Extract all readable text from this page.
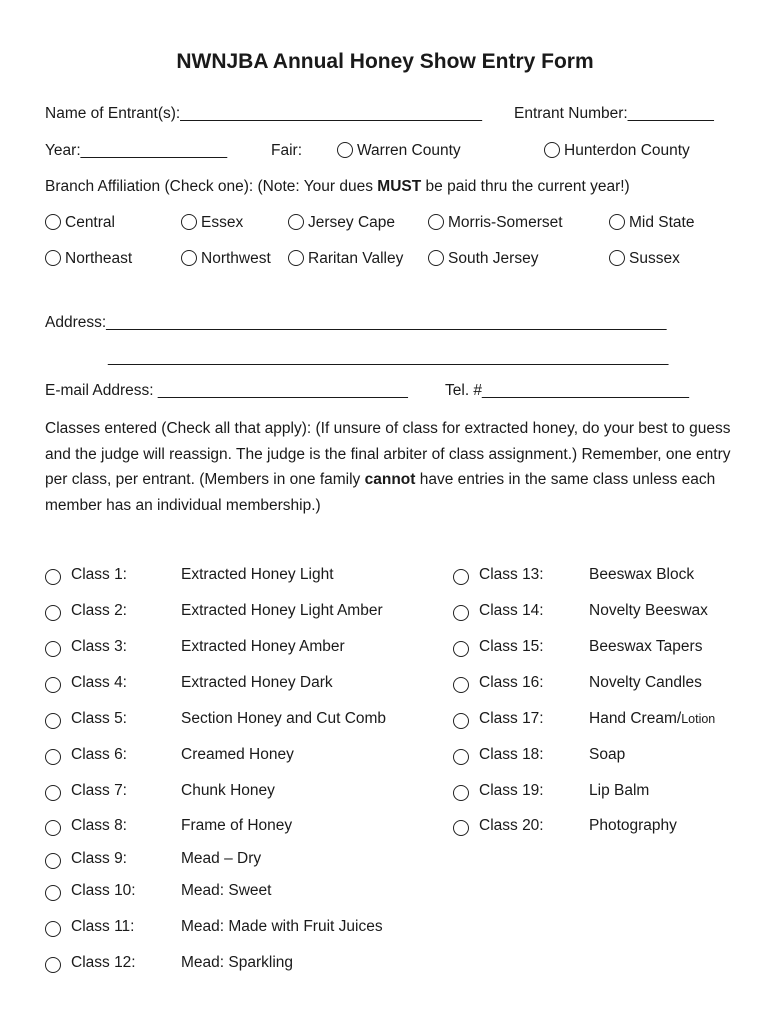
NWNJBA Annual Honey Show Entry Form
Name of Entrant(s):___________________________________ Entrant Number:__________
Year:_________________	Fair:	Warren County	Hunterdon County
Branch Affiliation (Check one): (Note: Your dues MUST be paid thru the current year!)
Central	Essex	Jersey Cape	Morris-Somerset	Mid State
Northeast	Northwest	Raritan Valley	South Jersey	Sussex
Address:_________________________________________________________________
_________________________________________________________________
E-mail Address: _____________________________ Tel. #________________________
Classes entered (Check all that apply): (If unsure of class for extracted honey, do your best to guess and the judge will reassign. The judge is the final arbiter of class assignment.) Remember, one entry per class, per entrant. (Members in one family cannot have entries in the same class unless each member has an individual membership.)
Class 1:	Extracted Honey Light
Class 2:	Extracted Honey Light Amber
Class 3:	Extracted Honey Amber
Class 4:	Extracted Honey Dark
Class 5:	Section Honey and Cut Comb
Class 6:	Creamed Honey
Class 7:	Chunk Honey
Class 8:	Frame of Honey
Class 9:	Mead – Dry
Class 10:	Mead: Sweet
Class 11:	Mead: Made with Fruit Juices
Class 12:	Mead: Sparkling
Class 13:	Beeswax Block
Class 14:	Novelty Beeswax
Class 15:	Beeswax Tapers
Class 16:	Novelty Candles
Class 17:	Hand Cream/Lotion
Class 18:	Soap
Class 19:	Lip Balm
Class 20:	Photography
